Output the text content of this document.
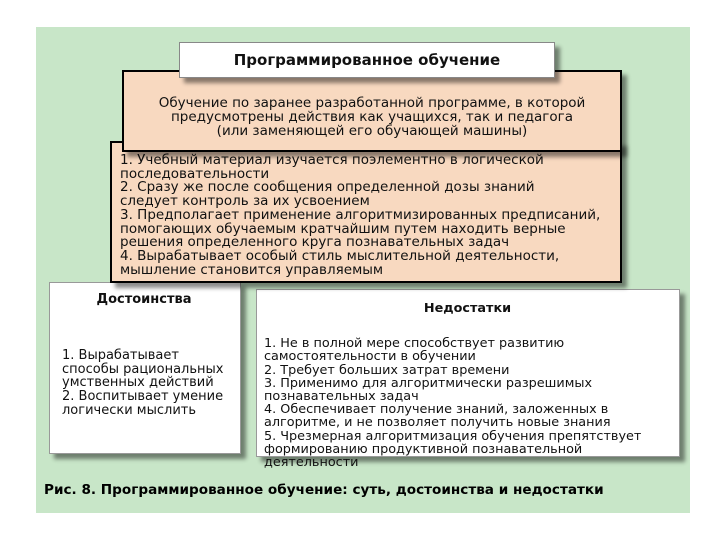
Программированное обучение
Обучение по заранее разработанной программе, в которой
предусмотрены действия как учащихся, так и педагога
(или заменяющей его обучающей машины)
1. Учебный материал изучается поэлементно в логической
последовательности
2. Сразу же после сообщения определенной дозы знаний
следует контроль за их усвоением
3. Предполагает применение алгоритмизированных предписаний,
помогающих обучаемым кратчайшим путем находить верные
решения определенного круга познавательных задач
4. Вырабатывает особый стиль мыслительной деятельности,
мышление становится управляемым
Достоинства
1. Вырабатывает
способы рациональных
умственных действий
2. Воспитывает умение
логически мыслить
Недостатки
1. Не в полной мере способствует развитию
самостоятельности в обучении
2. Требует больших затрат времени
3. Применимо для алгоритмически разрешимых
познавательных задач
4. Обеспечивает получение знаний, заложенных в
алгоритме, и не позволяет получить новые знания
5. Чрезмерная алгоритмизация обучения препятствует
формированию продуктивной познавательной
деятельности
Рис. 8. Программированное обучение: суть, достоинства и недостатки
